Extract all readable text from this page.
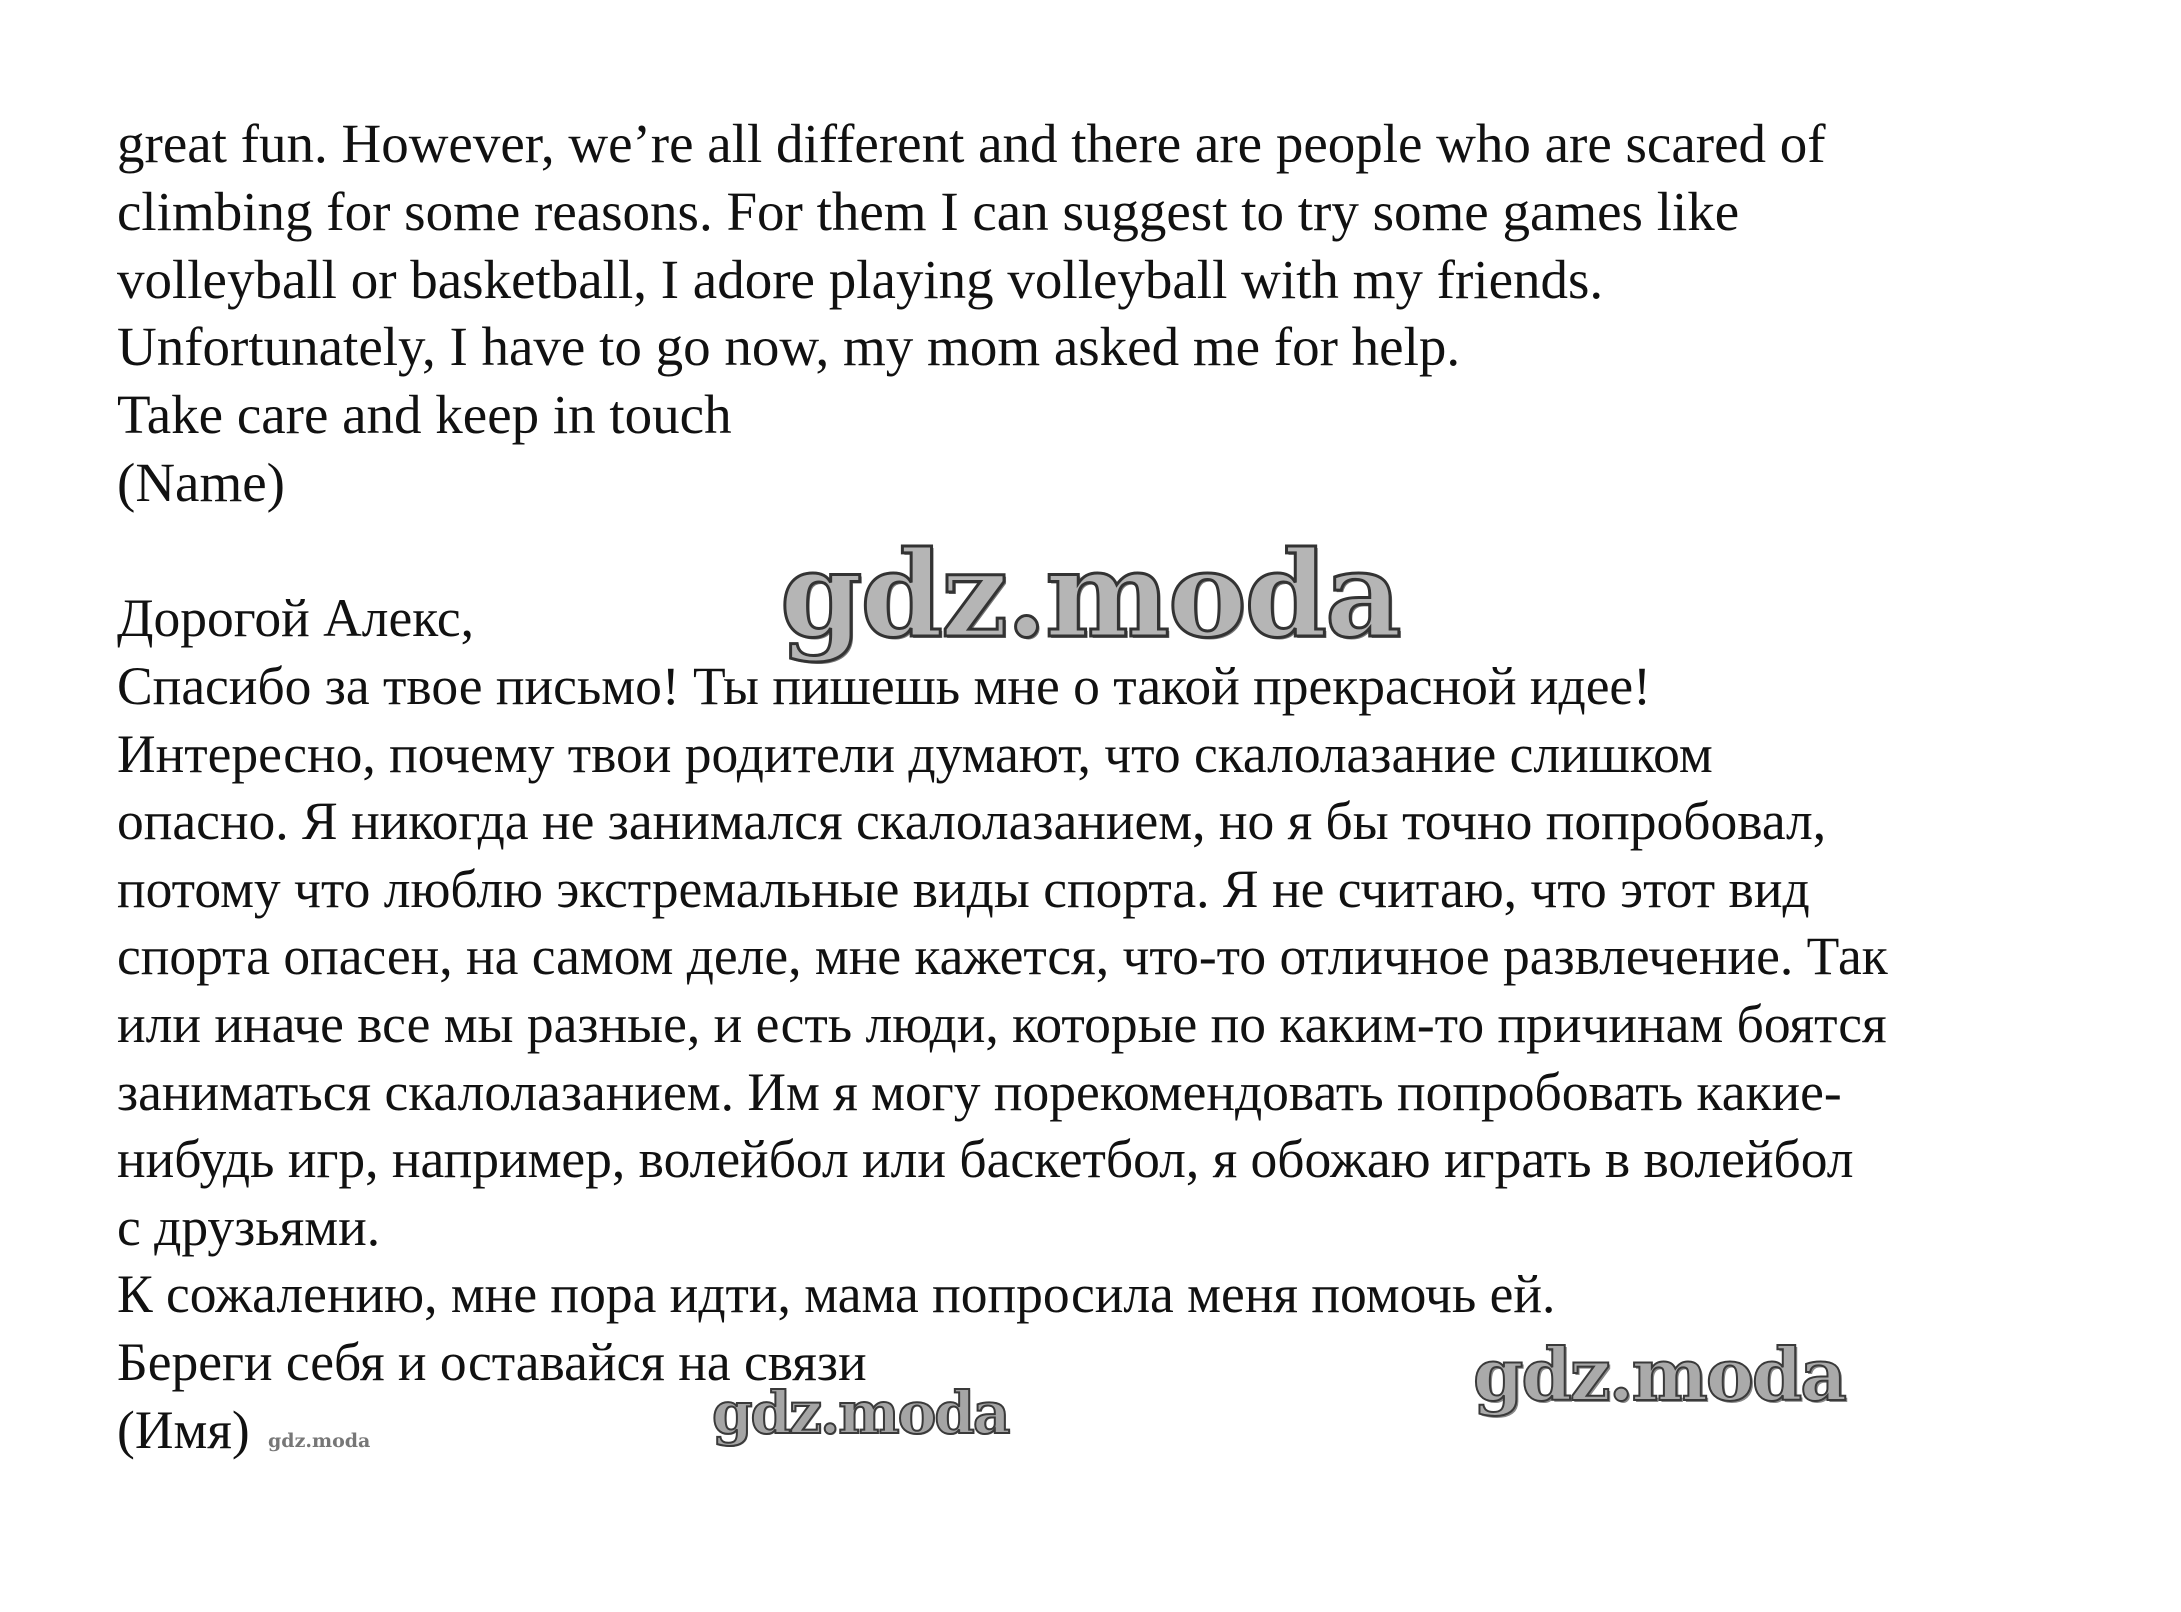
great fun. However, we’re all different and there are people who are scared of
climbing for some reasons. For them I can suggest to try some games like
volleyball or basketball, I adore playing volleyball with my friends.
Unfortunately, I have to go now, my mom asked me for help.
Take care and keep in touch
(Name)
Дорогой Алекс,
Спасибо за твое письмо! Ты пишешь мне о такой прекрасной идее!
Интересно, почему твои родители думают, что скалолазание слишком
опасно. Я никогда не занимался скалолазанием, но я бы точно попробовал,
потому что люблю экстремальные виды спорта. Я не считаю, что этот вид
спорта опасен, на самом деле, мне кажется, что-то отличное развлечение. Так
или иначе все мы разные, и есть люди, которые по каким-то причинам боятся
заниматься скалолазанием. Им я могу порекомендовать попробовать какие-
нибудь игр, например, волейбол или баскетбол, я обожаю играть в волейбол
с друзьями.
К сожалению, мне пора идти, мама попросила меня помочь ей.
Береги себя и оставайся на связи
(Имя)
gdz.moda
gdz.moda
gdz.moda
gdz.moda
